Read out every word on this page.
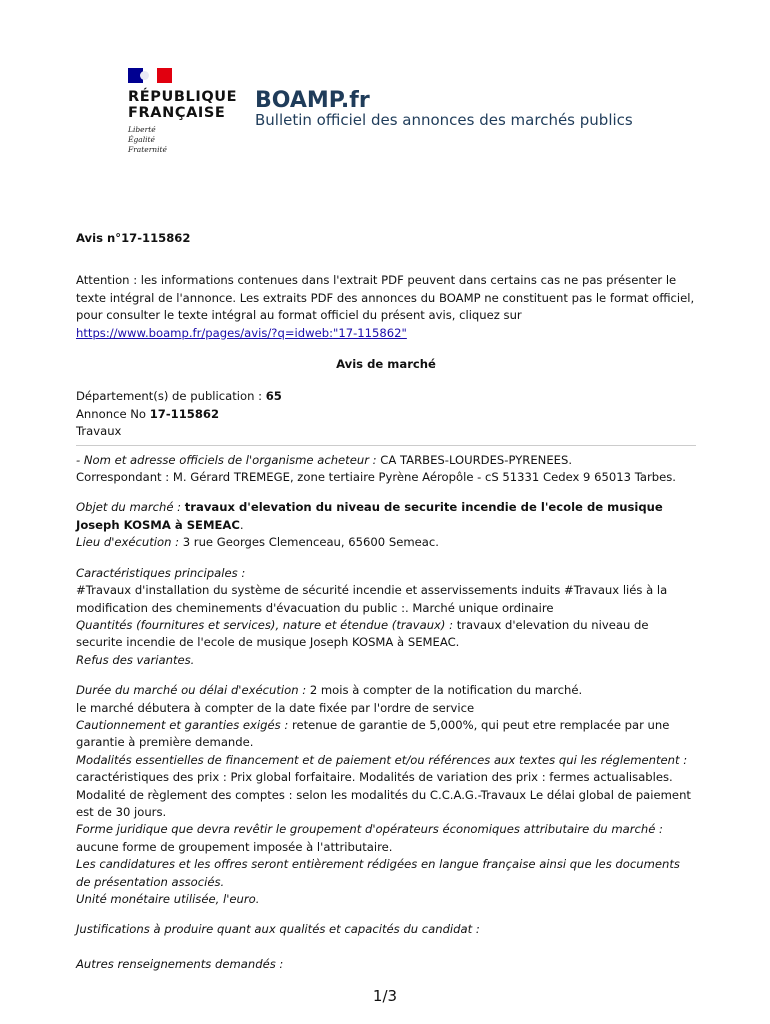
RÉPUBLIQUE
FRANÇAISE
Liberté
Égalité
Fraternité
BOAMP.fr
Bulletin officiel des annonces des marchés publics

Avis n°17-115862

Attention : les informations contenues dans l'extrait PDF peuvent dans certains cas ne pas présenter le texte intégral de l'annonce. Les extraits PDF des annonces du BOAMP ne constituent pas le format officiel, pour consulter le texte intégral au format officiel du présent avis, cliquez sur https://www.boamp.fr/pages/avis/?q=idweb:"17-115862"

Avis de marché

Département(s) de publication : 65

Annonce No 17-115862

Travaux

- Nom et adresse officiels de l'organisme acheteur : CA TARBES-LOURDES-PYRENEES.

Correspondant : M. Gérard TREMEGE, zone tertiaire Pyrène Aéropôle - cS 51331 Cedex 9 65013 Tarbes.

Objet du marché : travaux d'elevation du niveau de securite incendie de l'ecole de musique Joseph KOSMA à SEMEAC.

Lieu d'exécution : 3 rue Georges Clemenceau, 65600 Semeac.

Caractéristiques principales :

#Travaux d'installation du système de sécurité incendie et asservissements induits #Travaux liés à la modification des cheminements d'évacuation du public :. Marché unique ordinaire

Quantités (fournitures et services), nature et étendue (travaux) : travaux d'elevation du niveau de securite incendie de l'ecole de musique Joseph KOSMA à SEMEAC.

Refus des variantes.

Durée du marché ou délai d'exécution : 2 mois à compter de la notification du marché.

le marché débutera à compter de la date fixée par l'ordre de service

Cautionnement et garanties exigés : retenue de garantie de 5,000%, qui peut etre remplacée par une garantie à première demande.

Modalités essentielles de financement et de paiement et/ou références aux textes qui les réglementent : caractéristiques des prix : Prix global forfaitaire. Modalités de variation des prix : fermes actualisables. Modalité de règlement des comptes : selon les modalités du C.C.A.G.-Travaux Le délai global de paiement est de 30 jours.

Forme juridique que devra revêtir le groupement d'opérateurs économiques attributaire du marché : aucune forme de groupement imposée à l'attributaire.

Les candidatures et les offres seront entièrement rédigées en langue française ainsi que les documents de présentation associés.

Unité monétaire utilisée, l'euro.

Justifications à produire quant aux qualités et capacités du candidat :

Autres renseignements demandés :

1/3
